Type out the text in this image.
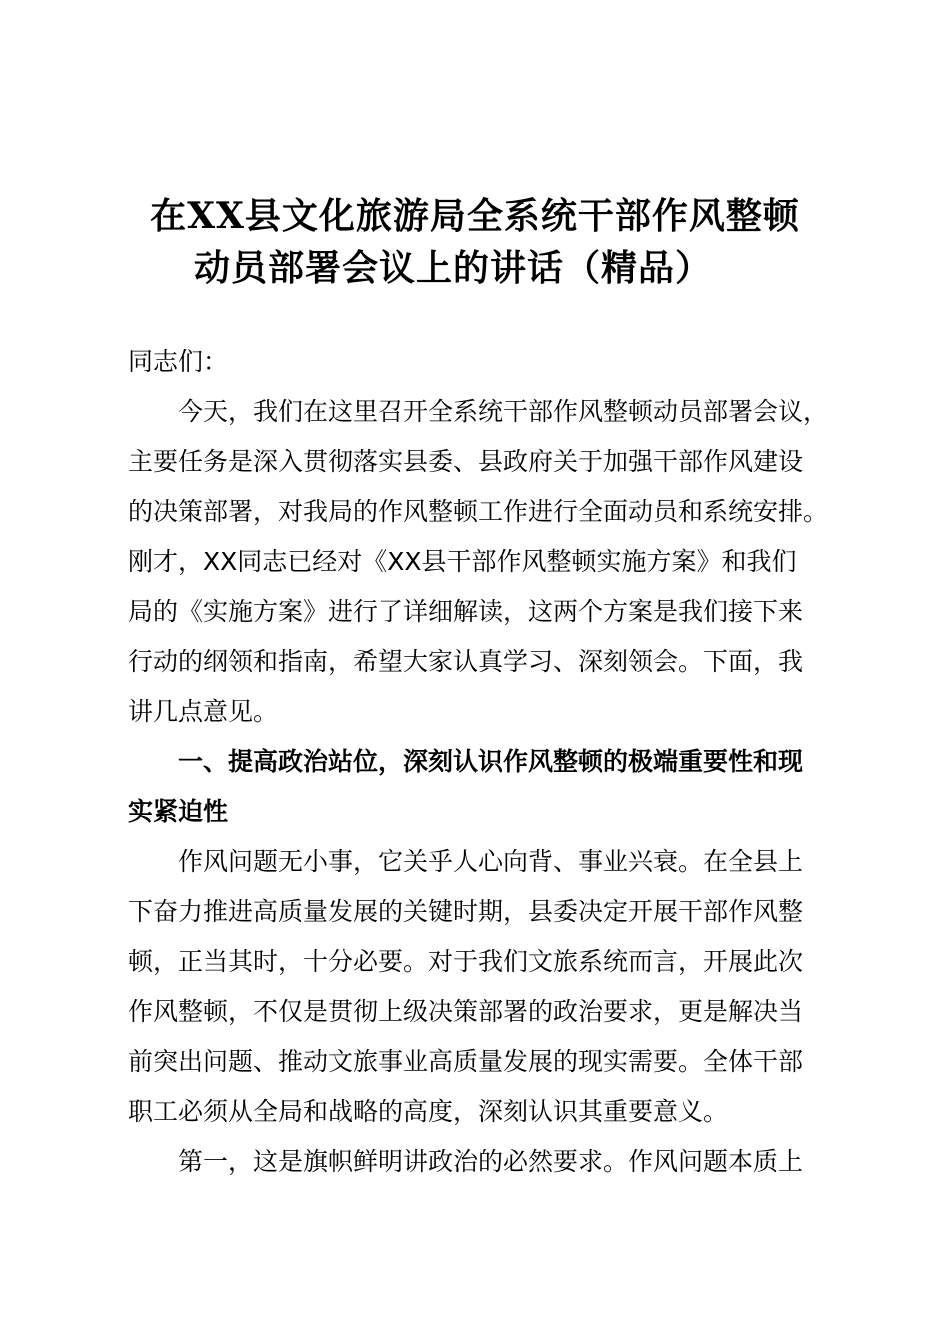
在XX县文化旅游局全系统干部作风整顿
动员部署会议上的讲话（精品）
同志们：
　　今天，我们在这里召开全系统干部作风整顿动员部署会议，
主要任务是深入贯彻落实县委、县政府关于加强干部作风建设
的决策部署，对我局的作风整顿工作进行全面动员和系统安排。
刚才，XX同志已经对《XX县干部作风整顿实施方案》和我们
局的《实施方案》进行了详细解读，这两个方案是我们接下来
行动的纲领和指南，希望大家认真学习、深刻领会。下面，我
讲几点意见。
　　一、提高政治站位，深刻认识作风整顿的极端重要性和现
实紧迫性
　　作风问题无小事，它关乎人心向背、事业兴衰。在全县上
下奋力推进高质量发展的关键时期，县委决定开展干部作风整
顿，正当其时，十分必要。对于我们文旅系统而言，开展此次
作风整顿，不仅是贯彻上级决策部署的政治要求，更是解决当
前突出问题、推动文旅事业高质量发展的现实需要。全体干部
职工必须从全局和战略的高度，深刻认识其重要意义。
　　第一，这是旗帜鲜明讲政治的必然要求。作风问题本质上
